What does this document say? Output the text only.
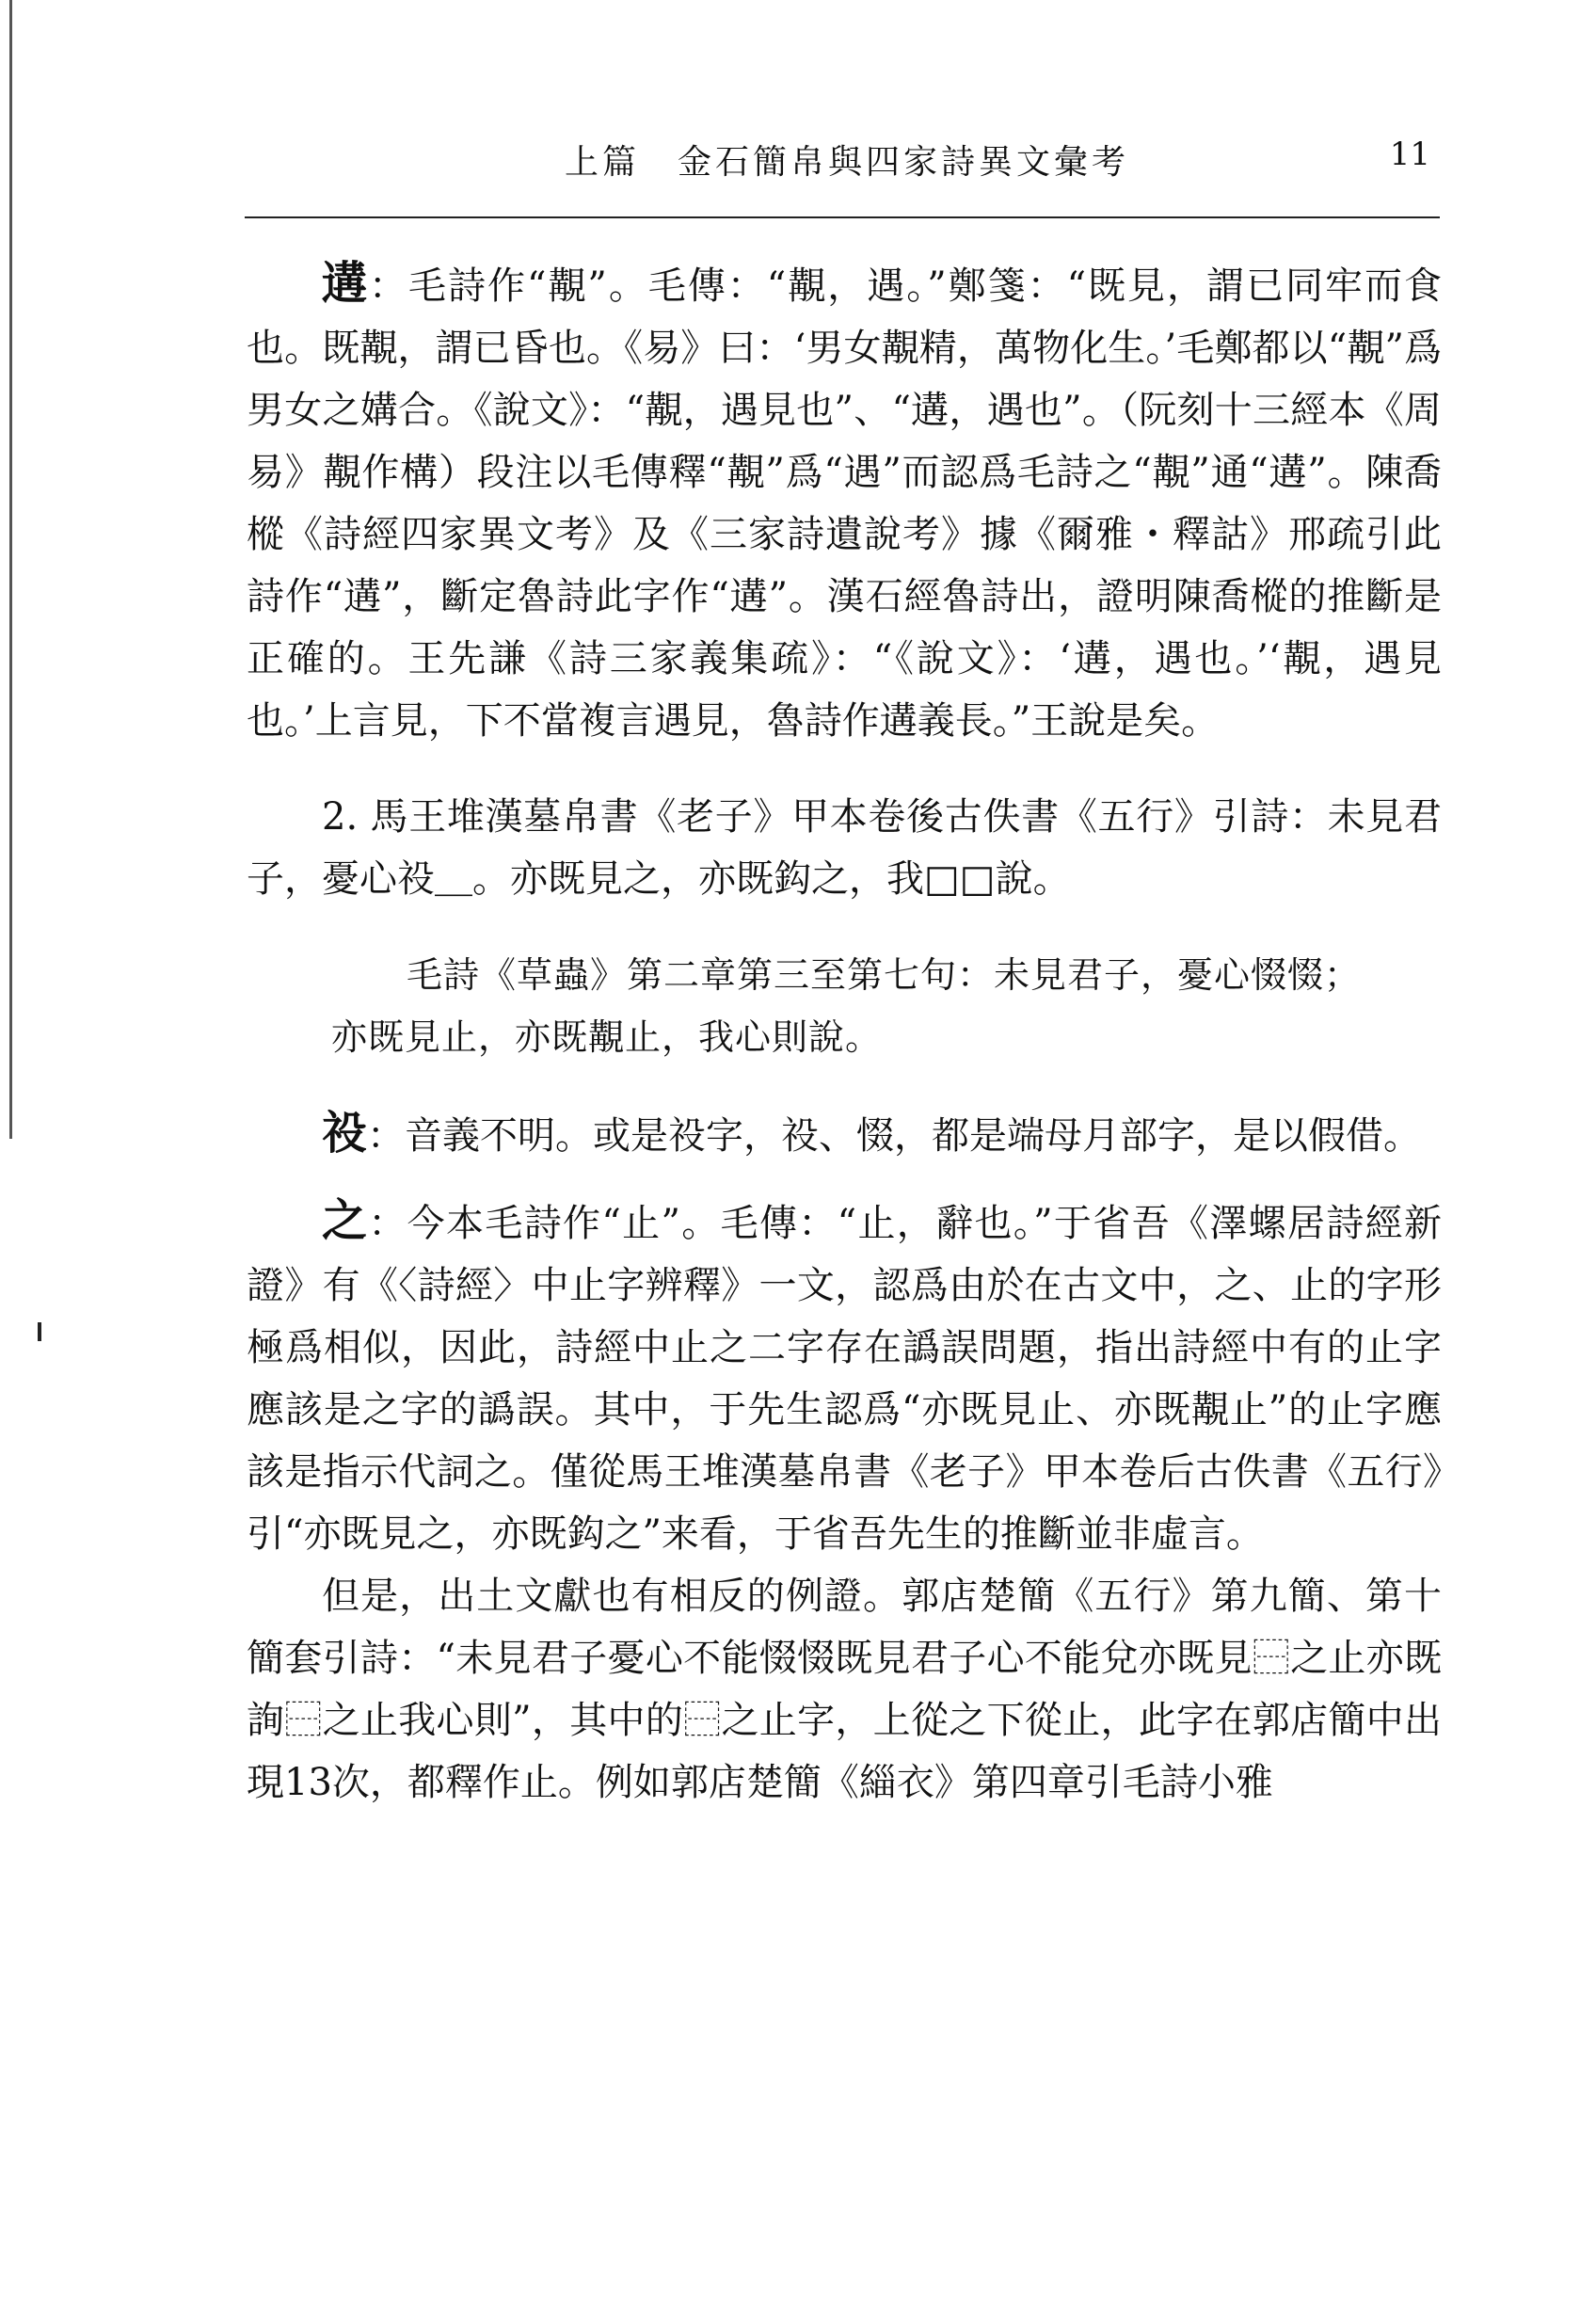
上篇　金石簡帛與四家詩異文彙考	11

遘：毛詩作“覯”。毛傳：“覯，遇。”鄭箋：“既見，謂已同牢而食也。既覯，謂已昏也。《易》曰：‘男女覯精，萬物化生。’毛鄭都以“覯”爲男女之媾合。《說文》：“覯，遇見也”、“遘，遇也”。（阮刻十三經本《周易》覯作構）段注以毛傳釋“覯”爲“遇”而認爲毛詩之“覯”通“遘”。陳喬樅《詩經四家異文考》及《三家詩遺說考》據《爾雅・釋詁》邢疏引此詩作“遘”，斷定魯詩此字作“遘”。漢石經魯詩出，證明陳喬樅的推斷是正確的。王先謙《詩三家義集疏》：“《說文》：‘遘，遇也。’‘覯，遇見也。’上言見，下不當複言遇見，魯詩作遘義長。”王說是矣。

2. 馬王堆漢墓帛書《老子》甲本卷後古佚書《五行》引詩：未見君子，憂心祋＿。亦既見之，亦既鈎之，我□□說。

毛詩《草蟲》第二章第三至第七句：未見君子，憂心惙惙；
亦既見止，亦既覯止，我心則說。

祋：音義不明。或是祋字，祋、惙，都是端母月部字，是以假借。

之：今本毛詩作“止”。毛傳：“止，辭也。”于省吾《澤螺居詩經新證》有《〈詩經〉中止字辨釋》一文，認爲由於在古文中，之、止的字形極爲相似，因此，詩經中止之二字存在譌誤問題，指出詩經中有的止字應該是之字的譌誤。其中，于先生認爲“亦既見止、亦既覯止”的止字應該是指示代詞之。僅從馬王堆漢墓帛書《老子》甲本卷后古佚書《五行》引“亦既見之，亦既鈎之”来看，于省吾先生的推斷並非虛言。

但是，出土文獻也有相反的例證。郭店楚簡《五行》第九簡、第十簡套引詩：“未見君子憂心不能惙惙既見君子心不能兌亦既見⿱之止亦既詢⿱之止我心則”，其中的⿱之止字，上從之下從止，此字在郭店簡中出現13次，都釋作止。例如郭店楚簡《緇衣》第四章引毛詩小雅
